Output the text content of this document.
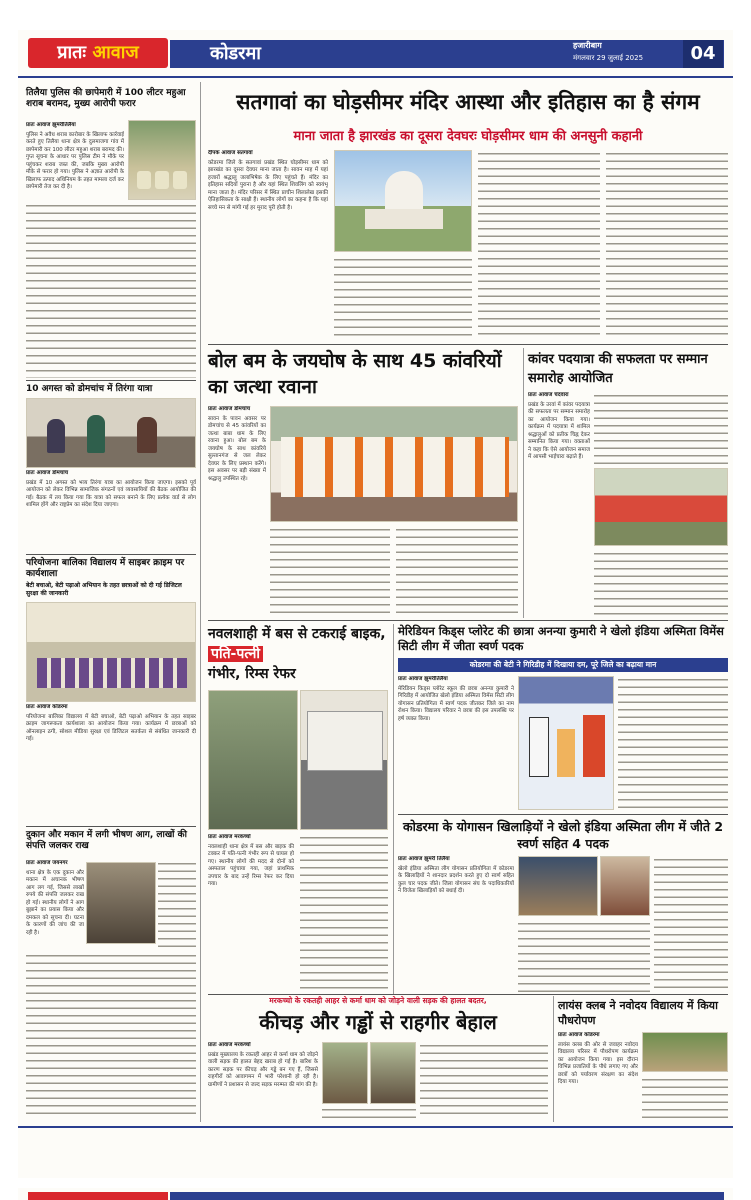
प्रातः आवाज	कोडरमा	हजारीबाग
मंगलवार 29 जुलाई 2025	04
तिलैया पुलिस की छापेमारी में 100 लीटर महुआ शराब बरामद, मुख्य आरोपी फरार

प्रातः आवाज झुमरीतिलैया

पुलिस ने अवैध शराब कारोबार के खिलाफ कार्रवाई करते हुए तिलैया थाना क्षेत्र के दुलमाजगा गांव में छापेमारी कर 100 लीटर महुआ शराब बरामद की। गुप्त सूचना के आधार पर पुलिस टीम ने मौके पर पहुंचकर शराब जब्त की, जबकि मुख्य आरोपी मौके से फरार हो गया। पुलिस ने अज्ञात आरोपी के खिलाफ उत्पाद अधिनियम के तहत मामला दर्ज कर छापेमारी तेज कर दी है।

10 अगस्त को डोमचांच में तिरंगा यात्रा

प्रातः आवाज डोमचांच

प्रखंड में 10 अगस्त को भव्य तिरंगा यात्रा का आयोजन किया जाएगा। इसको पूर्व आयोजन को लेकर विभिन्न सामाजिक संगठनों एवं व्यवसायियों की बैठक आयोजित की गई। बैठक में तय किया गया कि यात्रा को सफल बनाने के लिए प्रत्येक वार्ड से लोग शामिल होंगे और राष्ट्रप्रेम का संदेश दिया जाएगा।

परियोजना बालिका विद्यालय में साइबर क्राइम पर कार्यशाला
बेटी बचाओ, बेटी पढ़ाओ अभियान के तहत छात्राओं को दी गई डिजिटल सुरक्षा की जानकारी

प्रातः आवाज कोडरमा

परियोजना बालिका विद्यालय में बेटी बचाओ, बेटी पढ़ाओ अभियान के तहत साइबर क्राइम जागरूकता कार्यशाला का आयोजन किया गया। कार्यक्रम में छात्राओं को ऑनलाइन ठगी, सोशल मीडिया सुरक्षा एवं डिजिटल सतर्कता से संबंधित जानकारी दी गई।

दुकान और मकान में लगी भीषण आग, लाखों की संपत्ति जलकर राख

प्रातः आवाज जयनगर

थाना क्षेत्र के एक दुकान और मकान में अचानक भीषण आग लग गई, जिससे लाखों रुपये की संपत्ति जलकर राख हो गई। स्थानीय लोगों ने आग बुझाने का प्रयास किया और दमकल को सूचना दी। घटना के कारणों की जांच की जा रही है।

सतगावां का घोड़सीमर मंदिर आस्था और इतिहास का है संगम
माना जाता है झारखंड का दूसरा देवघरः घोड़सीमर धाम की अनसुनी कहानी

दीपक आवाज सतगावां

कोडरमा जिले के सतगावां प्रखंड स्थित घोड़सीमर धाम को झारखंड का दूसरा देवघर माना जाता है। सावन माह में यहां हजारों श्रद्धालु जलाभिषेक के लिए पहुंचते हैं। मंदिर का इतिहास सदियों पुराना है और यहां स्थित शिवलिंग को स्वयंभू माना जाता है। मंदिर परिसर में स्थित प्राचीन शिलालेख इसकी ऐतिहासिकता के साक्षी हैं। स्थानीय लोगों का कहना है कि यहां सच्चे मन से मांगी गई हर मुराद पूरी होती है।

बोल बम के जयघोष के साथ 45 कांवरियों का जत्था रवाना

प्रातः आवाज डोमचांच

सावन के पावन अवसर पर डोमचांच से 45 कांवरियों का जत्था बाबा धाम के लिए रवाना हुआ। बोल बम के जयघोष के साथ कांवरिये सुल्तानगंज से जल लेकर देवघर के लिए प्रस्थान करेंगे। इस अवसर पर बड़ी संख्या में श्रद्धालु उपस्थित रहे।

कांवर पदयात्रा की सफलता पर सम्मान समारोह आयोजित

प्रातः आवाज चंदवारा

प्रखंड के उरवां में कांवर पदयात्रा की सफलता पर सम्मान समारोह का आयोजन किया गया। कार्यक्रम में पदयात्रा में शामिल श्रद्धालुओं को प्रतीक चिह्न देकर सम्मानित किया गया। वक्ताओं ने कहा कि ऐसे आयोजन समाज में आपसी भाईचारा बढ़ाते हैं।

नवलशाही में बस से टकराई बाइक, पति-पत्नी
गंभीर, रिम्स रेफर

प्रातः आवाज मरकच्चो

नवलशाही थाना क्षेत्र में बस और बाइक की टक्कर में पति-पत्नी गंभीर रूप से घायल हो गए। स्थानीय लोगों की मदद से दोनों को अस्पताल पहुंचाया गया, जहां प्राथमिक उपचार के बाद उन्हें रिम्स रेफर कर दिया गया।

मेरिडियन किड्स प्लोरेट की छात्रा अनन्या कुमारी ने खेलो इंडिया अस्मिता विमेंस सिटी लीग में जीता स्वर्ण पदक
कोडरमा की बेटी ने गिरिडीह में दिखाया दम, पूरे जिले का बढ़ाया मान

प्रातः आवाज झुमरीतिलैया

मेरिडियन किड्स प्लोरेट स्कूल की छात्रा अनन्या कुमारी ने गिरिडीह में आयोजित खेलो इंडिया अस्मिता विमेंस सिटी लीग योगासन प्रतियोगिता में स्वर्ण पदक जीतकर जिले का नाम रोशन किया। विद्यालय परिवार ने छात्रा की इस उपलब्धि पर हर्ष व्यक्त किया।

कोडरमा के योगासन खिलाड़ियों ने खेलो इंडिया अस्मिता लीग में जीते 2 स्वर्ण सहित 4 पदक

प्रातः आवाज झुमरी तिलैया

खेलो इंडिया अस्मिता लीग योगासन प्रतियोगिता में कोडरमा के खिलाड़ियों ने शानदार प्रदर्शन करते हुए दो स्वर्ण सहित कुल चार पदक जीते। जिला योगासन संघ के पदाधिकारियों ने विजेता खिलाड़ियों को बधाई दी।

मरकच्चो के रकतही आहर से कर्मा धाम को जोड़ने वाली सड़क की हालत बदतर,
कीचड़ और गड्ढों से राहगीर बेहाल

प्रातः आवाज मरकच्चो

प्रखंड मुख्यालय के रकतही आहर से कर्मा धाम को जोड़ने वाली सड़क की हालत बेहद खराब हो गई है। बारिश के कारण सड़क पर कीचड़ और गड्ढे बन गए हैं, जिससे राहगीरों को आवागमन में भारी परेशानी हो रही है। ग्रामीणों ने प्रशासन से जल्द सड़क मरम्मत की मांग की है।

लायंस क्लब ने नवोदय विद्यालय में किया पौधरोपण

प्रातः आवाज कोडरमा

लायंस क्लब की ओर से जवाहर नवोदय विद्यालय परिसर में पौधरोपण कार्यक्रम का आयोजन किया गया। इस दौरान विभिन्न प्रजातियों के पौधे लगाए गए और छात्रों को पर्यावरण संरक्षण का संदेश दिया गया।
